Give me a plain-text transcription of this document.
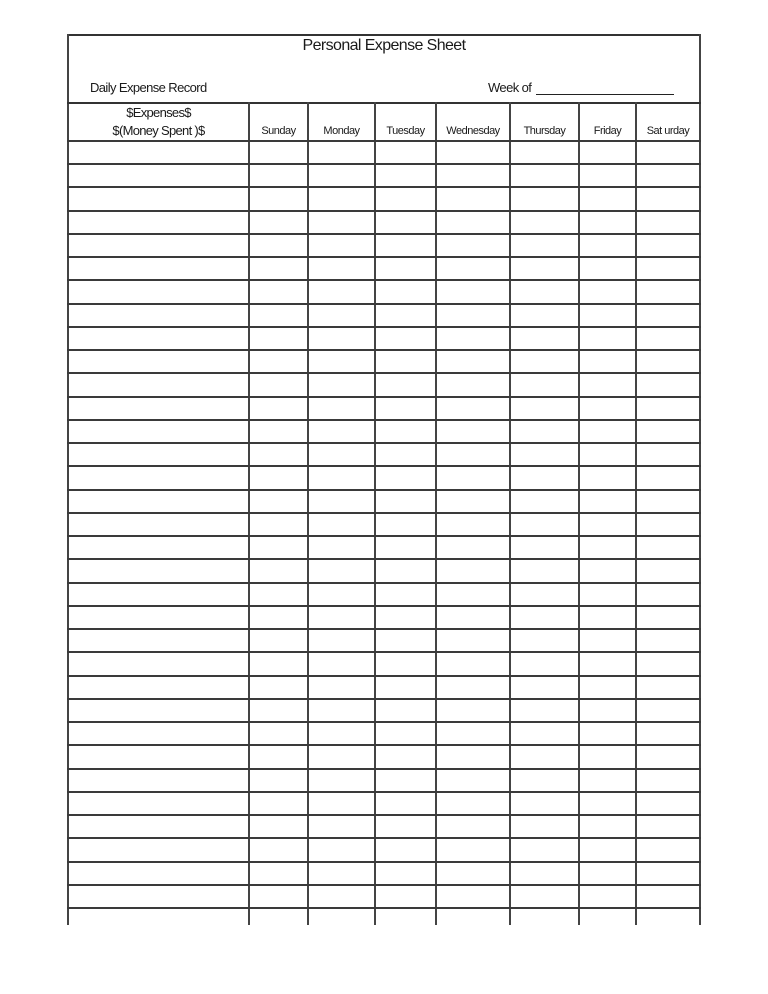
Personal Expense Sheet
Daily Expense Record	Week of
$Expenses$
$(Money Spent )$	Sunday	Monday	Tuesday	Wednesday	Thursday	Friday	Sat urday
